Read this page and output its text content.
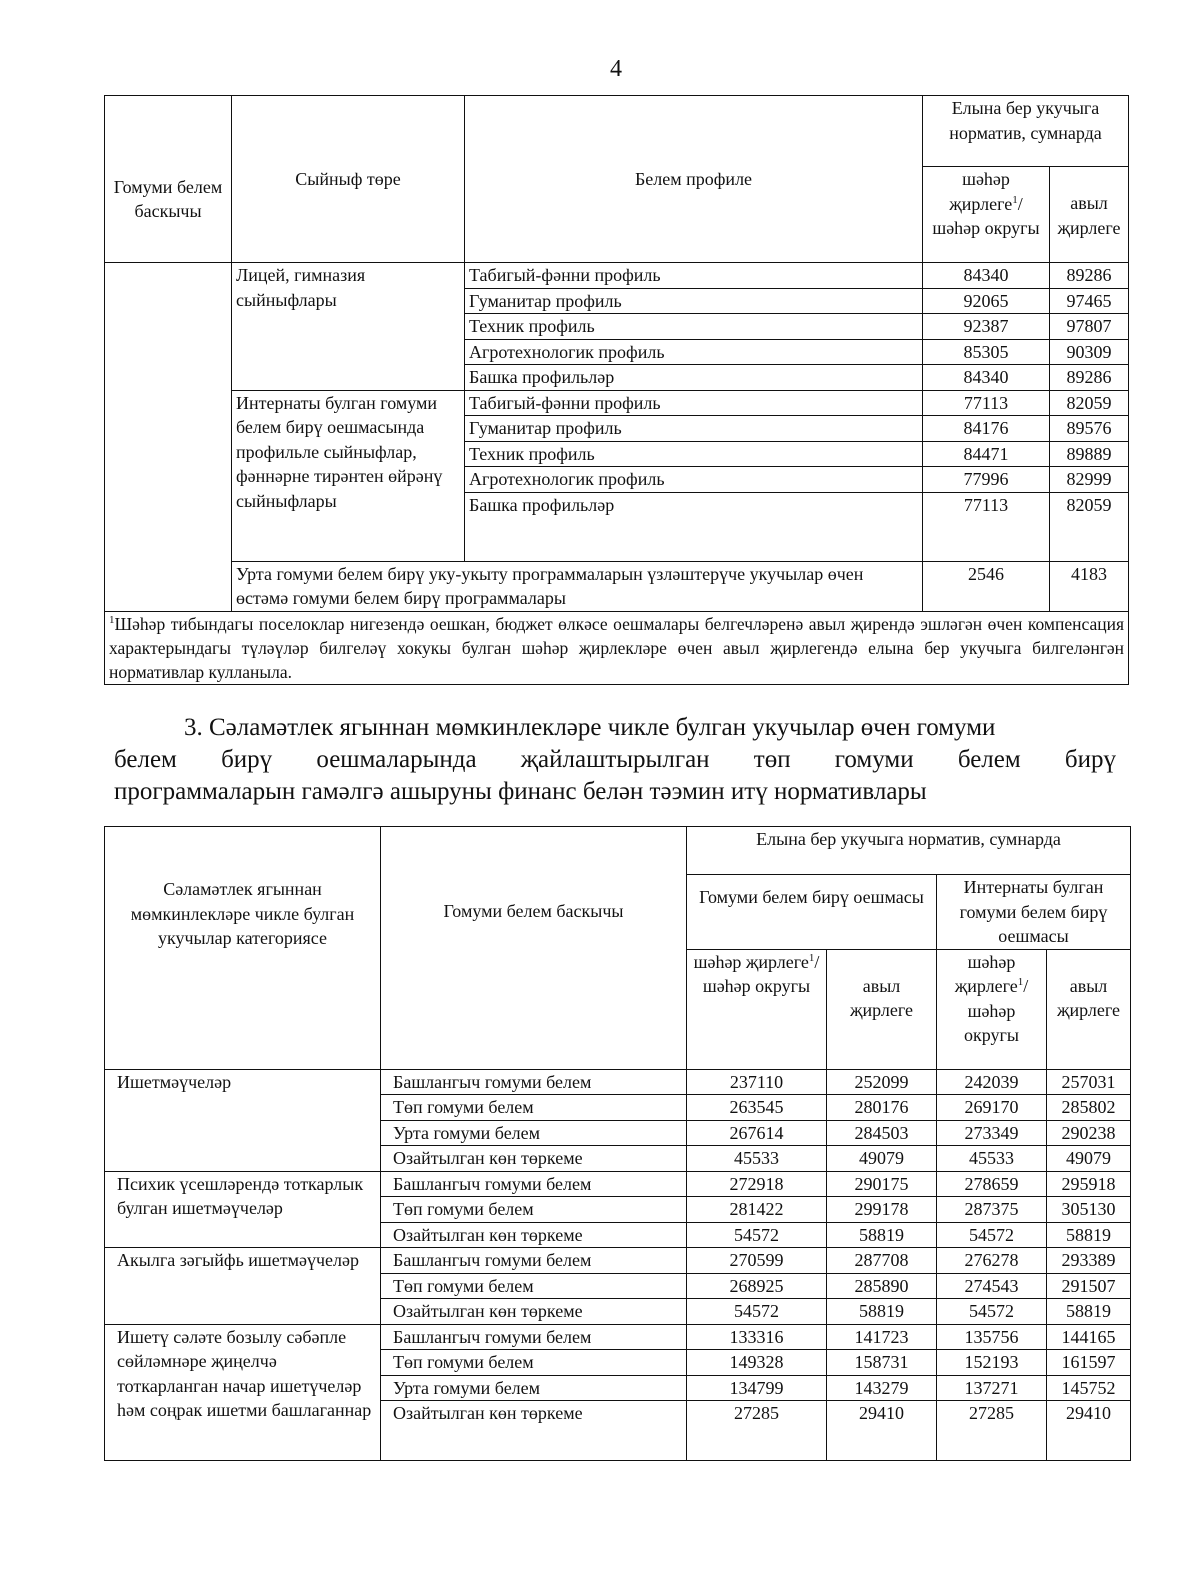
4
Гомуми белем баскычы	Сыйныф төре	Белем профиле	Елына бер укучыга норматив, сумнарда	
			шәһәр җирлеге$^1$/ шәһәр округы	авыл җирлеге

	Лицей, гимназия сыйныфлары	Табигый-фәнни профиль	84340	89286
		Гуманитар профиль	92065	97465
		Техник профиль	92387	97807
		Агротехнологик профиль	85305	90309
		Башка профильләр	84340	89286
	Интернаты булган гомуми белем бирү оешмасында профильле сыйныфлар, фәннәрне тирәнтен өйрәнү сыйныфлары	Табигый-фәнни профиль	77113	82059
		Гуманитар профиль	84176	89576
		Техник профиль	84471	89889
		Агротехнологик профиль	77996	82999
		Башка профильләр	77113	82059
	Урта гомуми белем бирү уку-укыту программаларын үзләштерүче укучылар өчен өстәмә гомуми белем бирү программалары		2546	4183
$^1$Шәһәр тибындагы поселоклар нигезендә оешкан, бюджет өлкәсе оешмалары белгечләренә авыл җирендә эшләгән өчен компенсация характерындагы түләүләр билгеләү хокукы булган шәһәр җирлекләре өчен авыл җирлегендә елына бер укучыга билгеләнгән нормативлар кулланыла.				
3. Сәламәтлек ягыннан мөмкинлекләре чикле булган укучылар өчен гомуми
белем бирү оешмаларында җайлаштырылган төп гомуми белем бирү
программаларын гамәлгә ашыруны финанс белән тәэмин итү нормативлары
Сәламәтлек ягыннан мөмкинлекләре чикле булган укучылар категориясе	Гомуми белем баскычы	Елына бер укучыга норматив, сумнарда			

		Гомуми белем бирү оешмасы		Интернаты булган гомуми белем бирү оешмасы	
		шәһәр җирлеге$^1$/ шәһәр округы	авыл җирлеге	шәһәр җирлеге$^1$/ шәһәр округы	авыл җирлеге

Ишетмәүчеләр	Башлангыч гомуми белем	237110	252099	242039	257031
	Төп гомуми белем	263545	280176	269170	285802
	Урта гомуми белем	267614	284503	273349	290238
	Озайтылган көн төркеме	45533	49079	45533	49079
Психик үсешләрендә тоткарлык булган ишетмәүчеләр	Башлангыч гомуми белем	272918	290175	278659	295918
	Төп гомуми белем	281422	299178	287375	305130
	Озайтылган көн төркеме	54572	58819	54572	58819
Акылга зәгыйфь ишетмәүчеләр	Башлангыч гомуми белем	270599	287708	276278	293389
	Төп гомуми белем	268925	285890	274543	291507
	Озайтылган көн төркеме	54572	58819	54572	58819
Ишетү сәләте бозылу сәбәпле сөйләмнәре җиңелчә тоткарланган начар ишетүчеләр һәм соңрак ишетми башлаганнар	Башлангыч гомуми белем	133316	141723	135756	144165
	Төп гомуми белем	149328	158731	152193	161597
	Урта гомуми белем	134799	143279	137271	145752
	Озайтылган көн төркеме	27285	29410	27285	29410
